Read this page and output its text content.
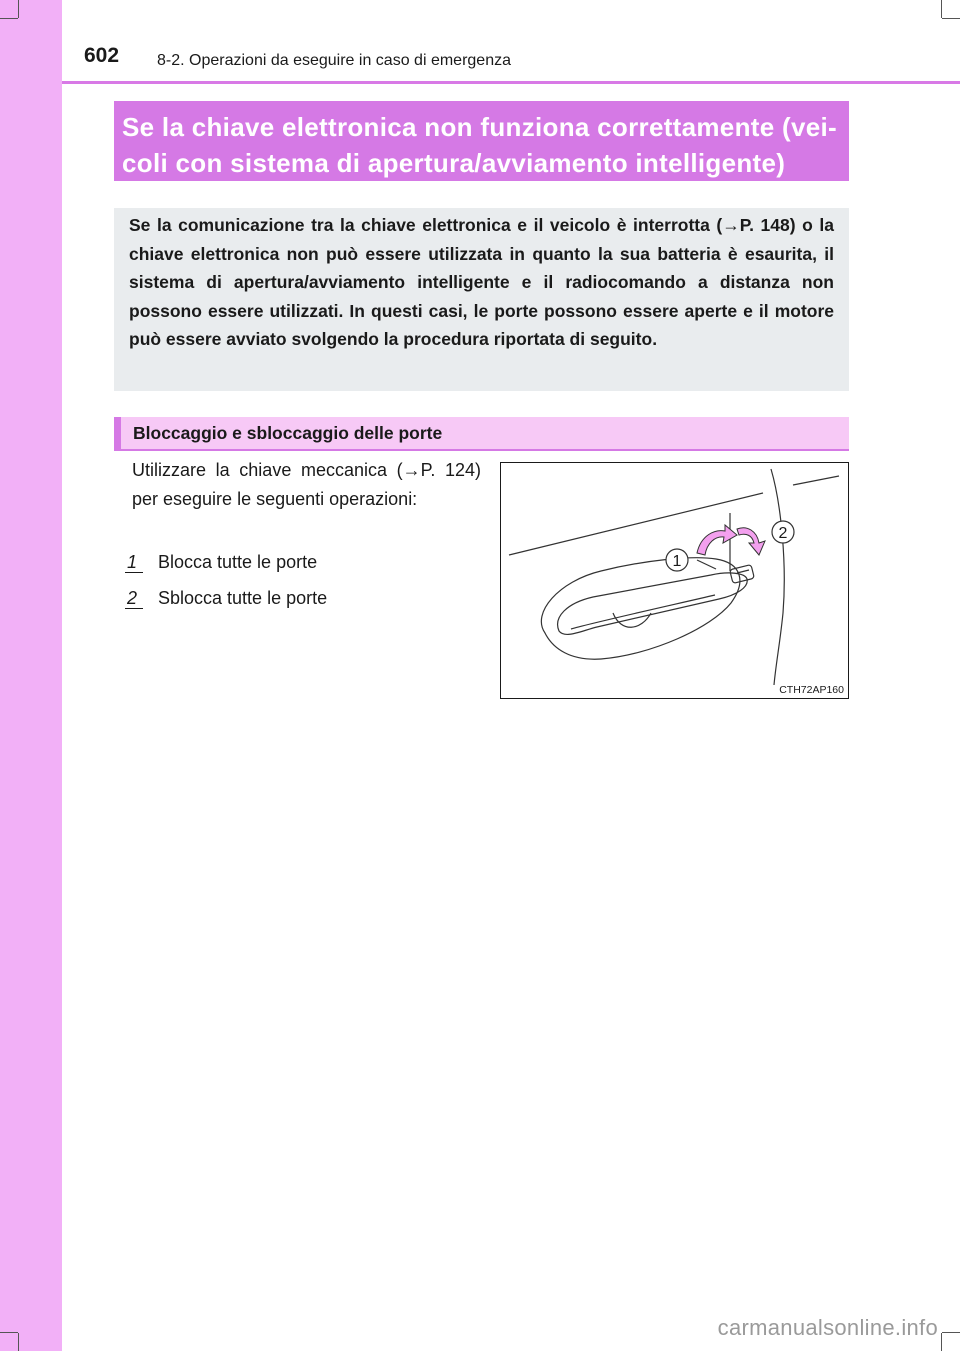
602 8-2. Operazioni da eseguire in caso di emergenza
Se la chiave elettronica non funziona correttamente (vei-
coli con sistema di apertura/avviamento intelligente)

Se la comunicazione tra la chiave elettronica e il veicolo è interrotta (→P. 148) o la chiave elettronica non può essere utilizzata in quanto la sua batteria è esaurita, il sistema di apertura/avviamento intelligente e il radiocomando a distanza non possono essere utilizzati. In questi casi, le porte possono essere aperte e il motore può essere avviato svolgendo la procedura riportata di seguito.

Bloccaggio e sbloccaggio delle porte

Utilizzare la chiave meccanica (→P. 124) per eseguire le seguenti operazioni:

1 Blocca tutte le porte
2 Sblocca tutte le porte
1
2
CTH72AP160
carmanualsonline.info
